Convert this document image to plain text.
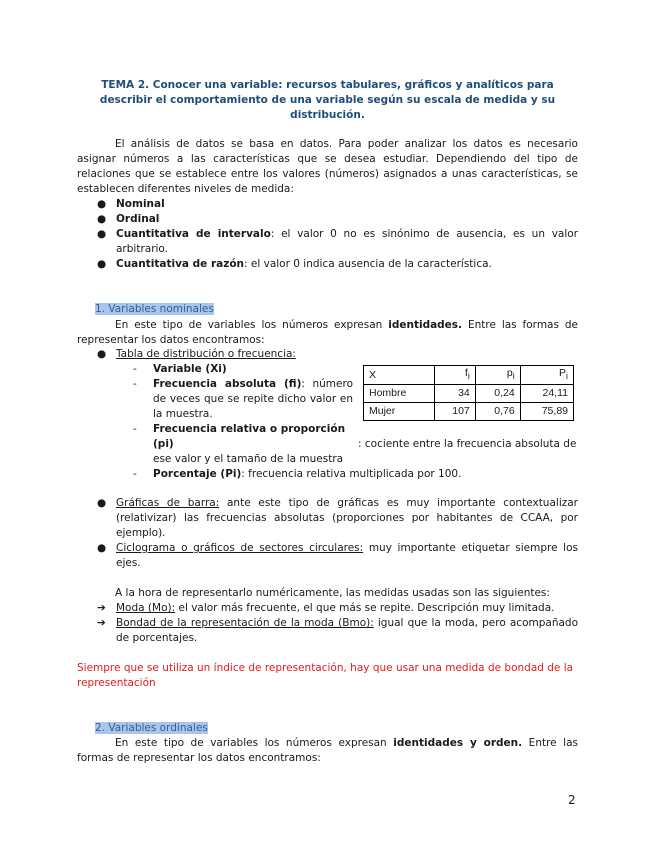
TEMA 2. Conocer una variable: recursos tabulares, gráficos y analíticos para describir el comportamiento de una variable según su escala de medida y su distribución.
El análisis de datos se basa en datos. Para poder analizar los datos es necesario asignar números a las características que se desea estudiar. Dependiendo del tipo de relaciones que se establece entre los valores (números) asignados a unas características, se establecen diferentes niveles de medida:
● Nominal
● Ordinal
● Cuantitativa de intervalo: el valor 0 no es sinónimo de ausencia, es un valor arbitrario.
● Cuantitativa de razón: el valor 0 indica ausencia de la característica.
1. Variables nominales
En este tipo de variables los números expresan identidades. Entre las formas de representar los datos encontramos:
● Tabla de distribución o frecuencia:
- Variable (Xi)
- Frecuencia absoluta (fi): número de veces que se repite dicho valor en la muestra.
- Frecuencia relativa o proporción (pi)	: cociente entre la frecuencia absoluta de ese valor y el tamaño de la muestra
- Porcentaje (Pi): frecuencia relativa multiplicada por 100.
X	$f_i$	$p_i$	$P_i$
Hombre	34	0,24	24,11
Mujer	107	0,76	75,89
● Gráficas de barra: ante este tipo de gráficas es muy importante contextualizar (relativizar) las frecuencias absolutas (proporciones por habitantes de CCAA, por ejemplo).
● Ciclograma o gráficos de sectores circulares: muy importante etiquetar siempre los ejes.
A la hora de representarlo numéricamente, las medidas usadas son las siguientes:
➔ Moda (Mo): el valor más frecuente, el que más se repite. Descripción muy limitada.
➔ Bondad de la representación de la moda (Bmo): igual que la moda, pero acompañado de porcentajes.
Siempre que se utiliza un índice de representación, hay que usar una medida de bondad de la representación
2. Variables ordinales
En este tipo de variables los números expresan identidades y orden. Entre las formas de representar los datos encontramos:
2
